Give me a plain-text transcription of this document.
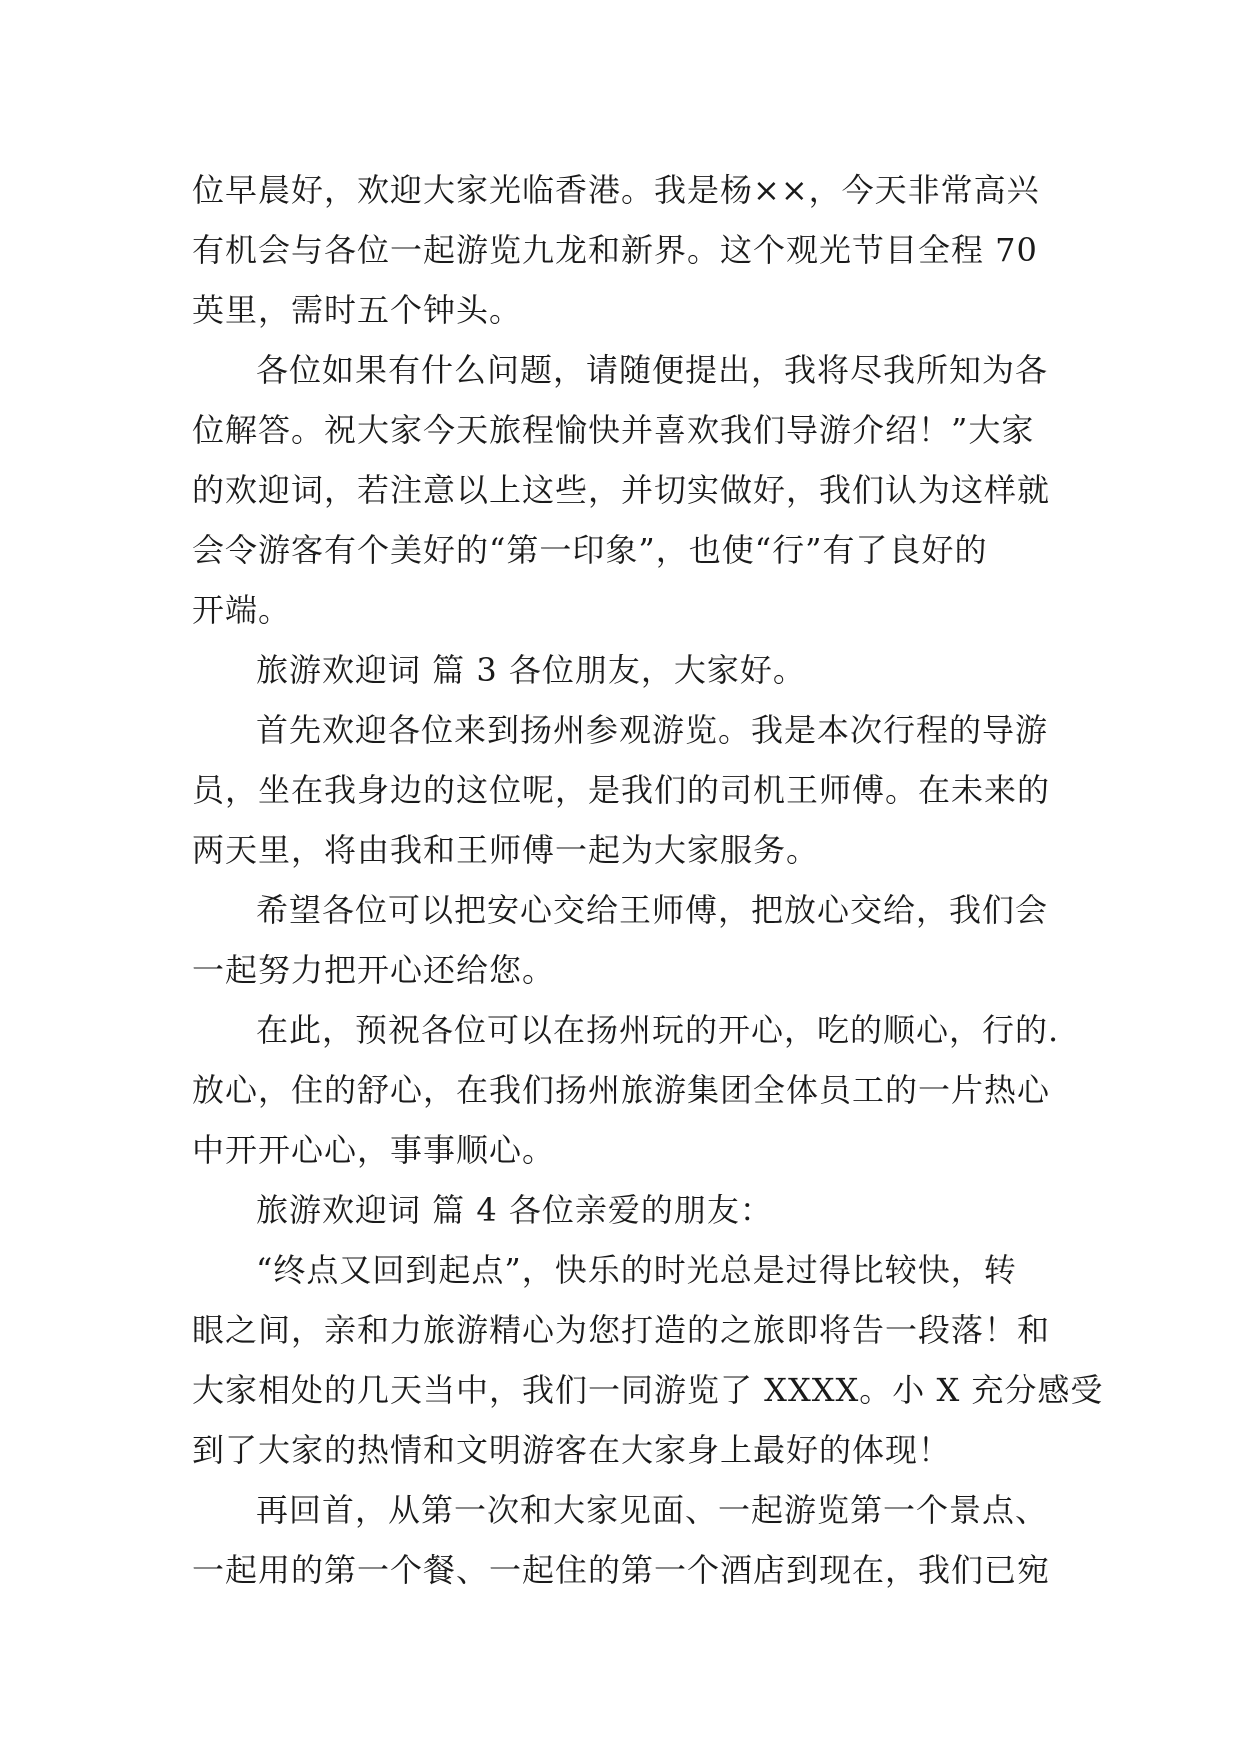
位早晨好，欢迎大家光临香港。我是杨××，今天非常高兴
有机会与各位一起游览九龙和新界。这个观光节目全程 70
英里，需时五个钟头。
各位如果有什么问题，请随便提出，我将尽我所知为各
位解答。祝大家今天旅程愉快并喜欢我们导游介绍！”大家
的欢迎词，若注意以上这些，并切实做好，我们认为这样就
会令游客有个美好的“第一印象”，也使“行”有了良好的
开端。
旅游欢迎词 篇 3 各位朋友，大家好。
首先欢迎各位来到扬州参观游览。我是本次行程的导游
员，坐在我身边的这位呢，是我们的司机王师傅。在未来的
两天里，将由我和王师傅一起为大家服务。
希望各位可以把安心交给王师傅，把放心交给，我们会
一起努力把开心还给您。
在此，预祝各位可以在扬州玩的开心，吃的顺心，行的.
放心，住的舒心，在我们扬州旅游集团全体员工的一片热心
中开开心心，事事顺心。
旅游欢迎词 篇 4 各位亲爱的朋友：
“终点又回到起点”，快乐的时光总是过得比较快，转
眼之间，亲和力旅游精心为您打造的之旅即将告一段落！和
大家相处的几天当中，我们一同游览了 XXXX。小 X 充分感受
到了大家的热情和文明游客在大家身上最好的体现！
再回首，从第一次和大家见面、一起游览第一个景点、
一起用的第一个餐、一起住的第一个酒店到现在，我们已宛
